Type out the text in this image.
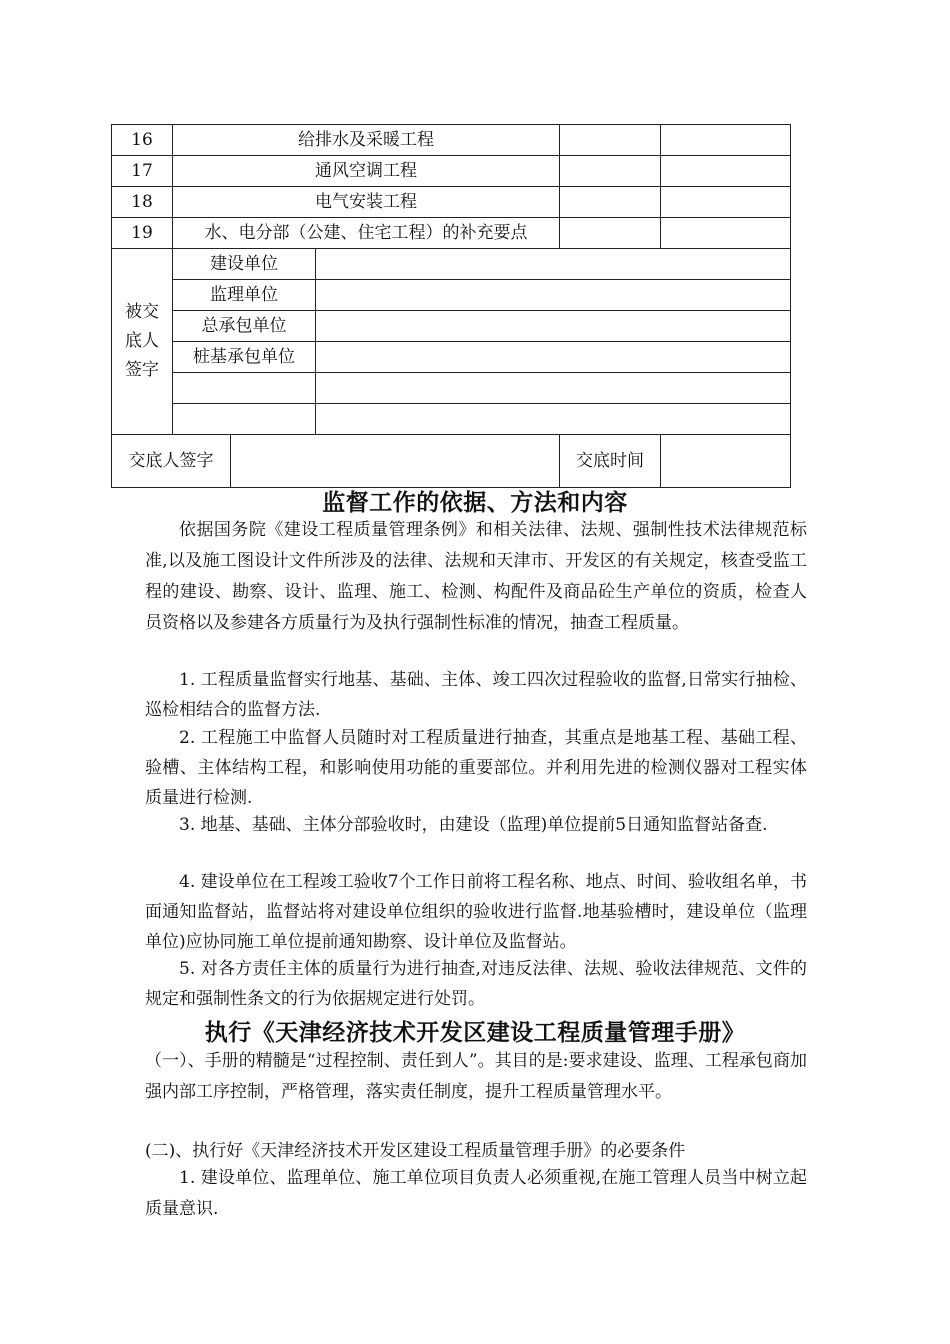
16	给排水及采暖工程				
17	通风空调工程				
18	电气安装工程				
19	水、电分部（公建、住宅工程）的补充要点				

被交底人签字	建设单位				
	监理单位				
	总承包单位				
	桩基承包单位				

交底人签字				交底时间	
监督工作的依据、方法和内容

依据国务院《建设工程质量管理条例》和相关法律、法规、强制性技术法律规范标准,以及施工图设计文件所涉及的法律、法规和天津市、开发区的有关规定，核查受监工程的建设、勘察、设计、监理、施工、检测、构配件及商品砼生产单位的资质，检查人员资格以及参建各方质量行为及执行强制性标准的情况，抽查工程质量。

1. 工程质量监督实行地基、基础、主体、竣工四次过程验收的监督,日常实行抽检、巡检相结合的监督方法.

2. 工程施工中监督人员随时对工程质量进行抽查，其重点是地基工程、基础工程、验槽、主体结构工程，和影响使用功能的重要部位。并利用先进的检测仪器对工程实体质量进行检测.

3. 地基、基础、主体分部验收时，由建设（监理)单位提前5日通知监督站备查.

4. 建设单位在工程竣工验收7个工作日前将工程名称、地点、时间、验收组名单，书面通知监督站，监督站将对建设单位组织的验收进行监督.地基验槽时，建设单位（监理单位)应协同施工单位提前通知勘察、设计单位及监督站。

5. 对各方责任主体的质量行为进行抽查,对违反法律、法规、验收法律规范、文件的规定和强制性条文的行为依据规定进行处罚。

执行《天津经济技术开发区建设工程质量管理手册》

（一）、手册的精髓是“过程控制、责任到人”。其目的是:要求建设、监理、工程承包商加强内部工序控制，严格管理，落实责任制度，提升工程质量管理水平。

(二)、执行好《天津经济技术开发区建设工程质量管理手册》的必要条件

1. 建设单位、监理单位、施工单位项目负责人必须重视,在施工管理人员当中树立起质量意识.
